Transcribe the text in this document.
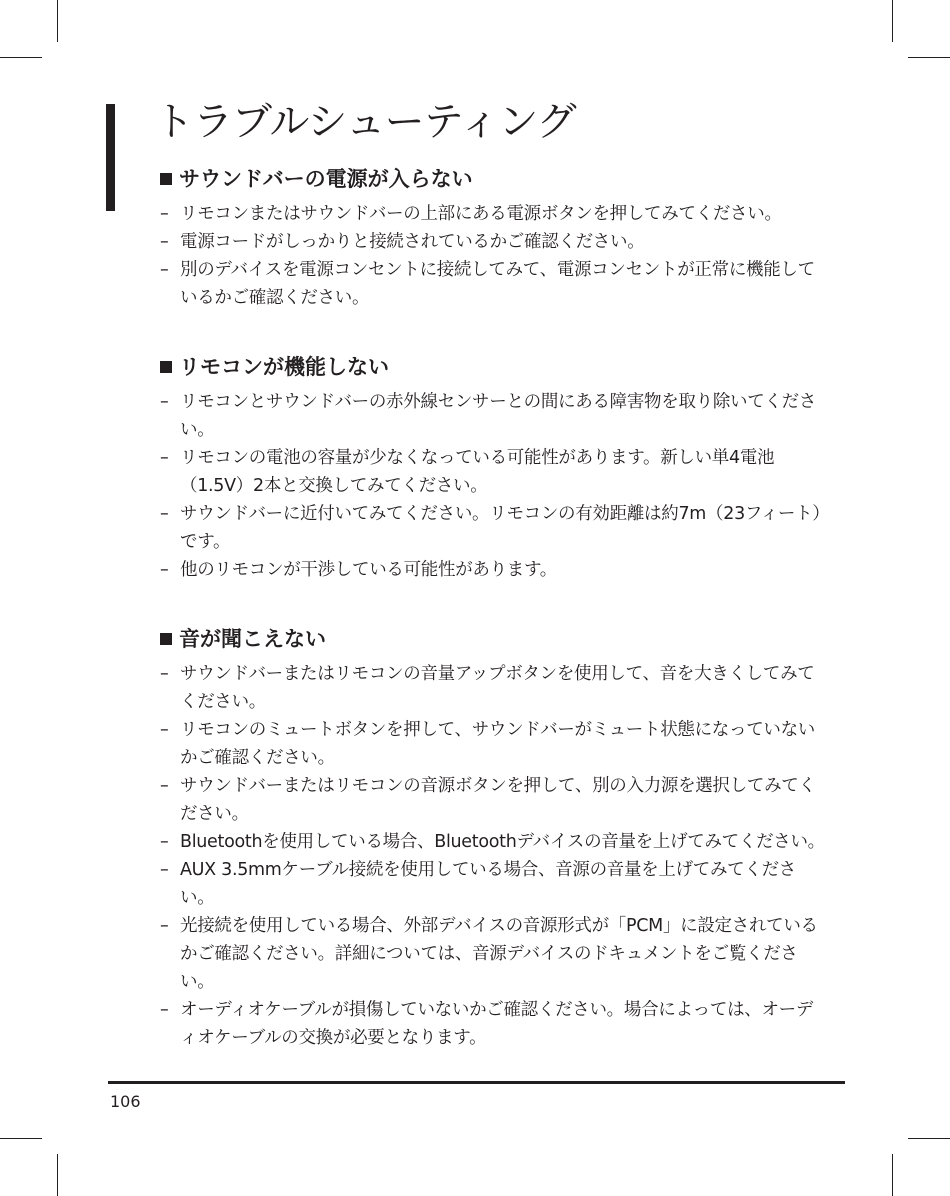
トラブルシューティング
サウンドバーの電源が入らない
– リモコンまたはサウンドバーの上部にある電源ボタンを押してみてください。
– 電源コードがしっかりと接続されているかご確認ください。
– 別のデバイスを電源コンセントに接続してみて、電源コンセントが正常に機能しているかご確認ください。
リモコンが機能しない
– リモコンとサウンドバーの赤外線センサーとの間にある障害物を取り除いてください。
– リモコンの電池の容量が少なくなっている可能性があります。新しい単4電池（1.5V）2本と交換してみてください。
– サウンドバーに近付いてみてください。リモコンの有効距離は約7m（23フィート）です。
– 他のリモコンが干渉している可能性があります。
音が聞こえない
– サウンドバーまたはリモコンの音量アップボタンを使用して、音を大きくしてみてください。
– リモコンのミュートボタンを押して、サウンドバーがミュート状態になっていないかご確認ください。
– サウンドバーまたはリモコンの音源ボタンを押して、別の入力源を選択してみてください。
– Bluetoothを使用している場合、Bluetoothデバイスの音量を上げてみてください。
– AUX 3.5mmケーブル接続を使用している場合、音源の音量を上げてみてください。
– 光接続を使用している場合、外部デバイスの音源形式が「PCM」に設定されているかご確認ください。詳細については、音源デバイスのドキュメントをご覧ください。
– オーディオケーブルが損傷していないかご確認ください。場合によっては、オーディオケーブルの交換が必要となります。
106
